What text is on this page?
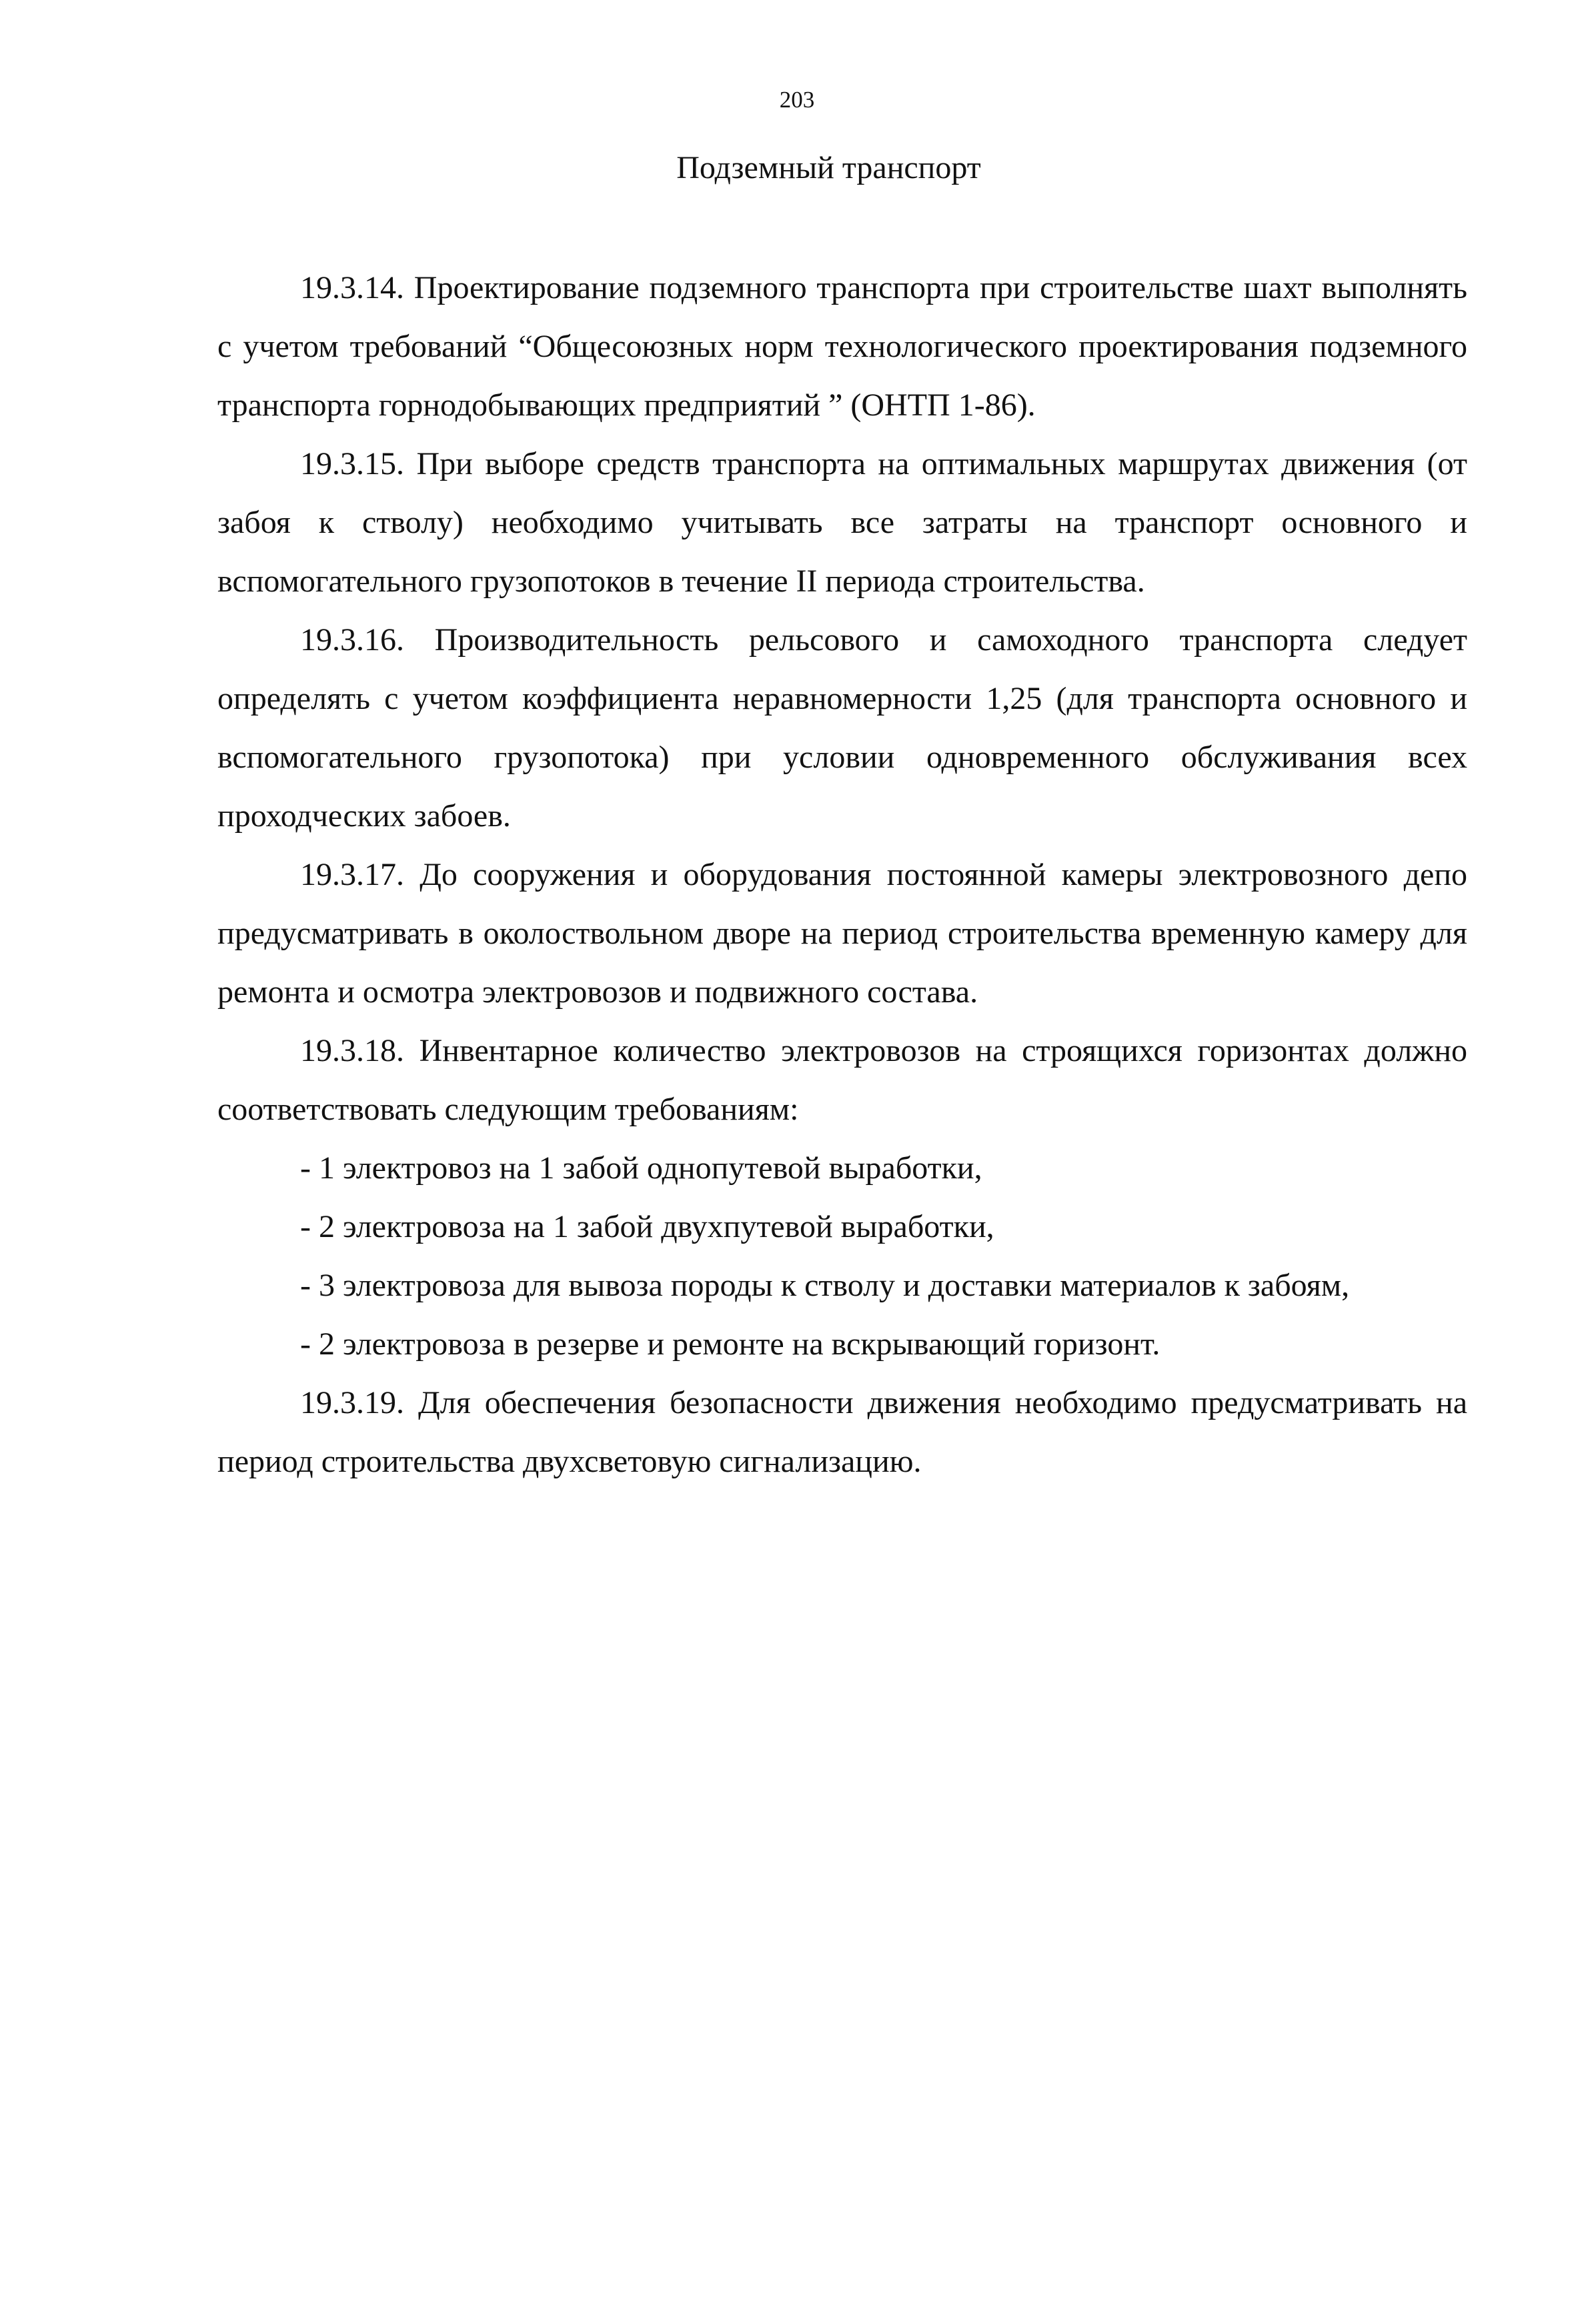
203
Подземный транспорт

19.3.14. Проектирование подземного транспорта при строительстве шахт выполнять с учетом требований “Общесоюзных норм технологического проектирования подземного транспорта горнодобывающих предприятий ” (ОНТП 1-86).

19.3.15. При выборе средств транспорта на оптимальных маршрутах движения (от забоя к стволу) необходимо учитывать все затраты на транспорт основного и вспомогательного грузопотоков в течение II периода строительства.

19.3.16. Производительность рельсового и самоходного транспорта следует определять с учетом коэффициента неравномерности 1,25 (для транспорта основного и вспомогательного грузопотока) при условии одновременного обслуживания всех проходческих забоев.

19.3.17. До сооружения и оборудования постоянной камеры электровозного депо предусматривать в околоствольном дворе на период строительства временную камеру для ремонта и осмотра электровозов и подвижного состава.

19.3.18. Инвентарное количество электровозов на строящихся горизонтах должно соответствовать следующим требованиям:

- 1 электровоз на 1 забой однопутевой выработки,

- 2 электровоза на 1 забой двухпутевой выработки,

- 3 электровоза для вывоза породы к стволу и доставки материалов к забоям,

- 2 электровоза в резерве и ремонте на вскрывающий горизонт.

19.3.19. Для обеспечения безопасности движения необходимо предусматривать на период строительства двухсветовую сигнализацию.
